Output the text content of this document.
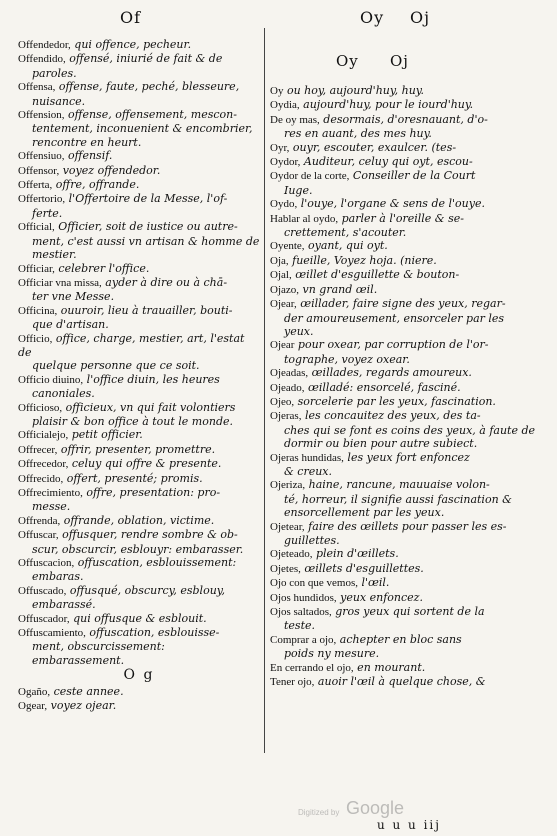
Of	Oy Oj
Offendedor, qui offence, pecheur.
Offendido, offensé, iniurié de fait & de
paroles.
Offensa, offense, faute, peché, blesseure,
nuisance.
Offension, offense, offensement, mescon-
tentement, inconuenient & encombrier, rencontre en heurt.
Offensiuo, offensif.
Offensor, voyez offendedor.
Offerta, offre, offrande.
Offertorio, l'Offertoire de la Messe, l'of-
ferte.
Official, Officier, soit de iustice ou autre-
ment, c'est aussi vn artisan & homme de mestier.
Officiar, celebrer l'office.
Officiar vna missa, ayder à dire ou à chā-
ter vne Messe.
Officina, ouuroir, lieu à trauailler, bouti-
que d'artisan.
Officio, office, charge, mestier, art, l'estat de
quelque personne que ce soit.
Officio diuino, l'office diuin, les heures
canoniales.
Officioso, officieux, vn qui fait volontiers
plaisir & bon office à tout le monde.
Officialejo, petit officier.
Offrecer, offrir, presenter, promettre.
Offrecedor, celuy qui offre & presente.
Offrecido, offert, presenté; promis.
Offrecimiento, offre, presentation: pro-
messe.
Offrenda, offrande, oblation, victime.
Offuscar, offusquer, rendre sombre & ob-
scur, obscurcir, esblouyr: embarasser.
Offuscacion, offuscation, esblouissement:
embaras.
Offuscado, offusqué, obscurcy, esblouy,
embarassé.
Offuscador, qui offusque & esblouit.
Offuscamiento, offuscation, esblouisse-
ment, obscurcissement: embarassement.
O g
Ogaño, ceste annee.
Ogear, voyez ojear.
Oy Oj
Oy ou hoy, aujourd'huy, huy.
Oydia, aujourd'huy, pour le iourd'huy.
De oy mas, desormais, d'oresnauant, d'o-
res en auant, des mes huy.
Oyr, ouyr, escouter, exaulcer. (tes-
Oydor, Auditeur, celuy qui oyt, escou-
Oydor de la corte, Conseiller de la Court
Iuge.
Oydo, l'ouye, l'organe & sens de l'ouye.
Hablar al oydo, parler à l'oreille & se-
crettement, s'acouter.
Oyente, oyant, qui oyt.
Oja, fueille, Voyez hoja. (niere.
Ojal, œillet d'esguillette & bouton-
Ojazo, vn grand œil.
Ojear, œillader, faire signe des yeux, regar-
der amoureusement, ensorceler par les yeux.
Ojear pour oxear, par corruption de l'or-
tographe, voyez oxear.
Ojeadas, œillades, regards amoureux.
Ojeado, œilladé: ensorcelé, fasciné.
Ojeo, sorcelerie par les yeux, fascination.
Ojeras, les concauitez des yeux, des ta-
ches qui se font es coins des yeux, à faute de dormir ou bien pour autre subiect.
Ojeras hundidas, les yeux fort enfoncez
& creux.
Ojeriza, haine, rancune, mauuaise volon-
té, horreur, il signifie aussi fascination & ensorcellement par les yeux.
Ojetear, faire des œillets pour passer les es-
guillettes.
Ojeteado, plein d'œillets.
Ojetes, œillets d'esguillettes.
Ojo con que vemos, l'œil.
Ojos hundidos, yeux enfoncez.
Ojos saltados, gros yeux qui sortent de la
teste.
Comprar a ojo, achepter en bloc sans
poids ny mesure.
En cerrando el ojo, en mourant.
Tener ojo, auoir l'œil à quelque chose, &
u u u iij
Digitized by Google
